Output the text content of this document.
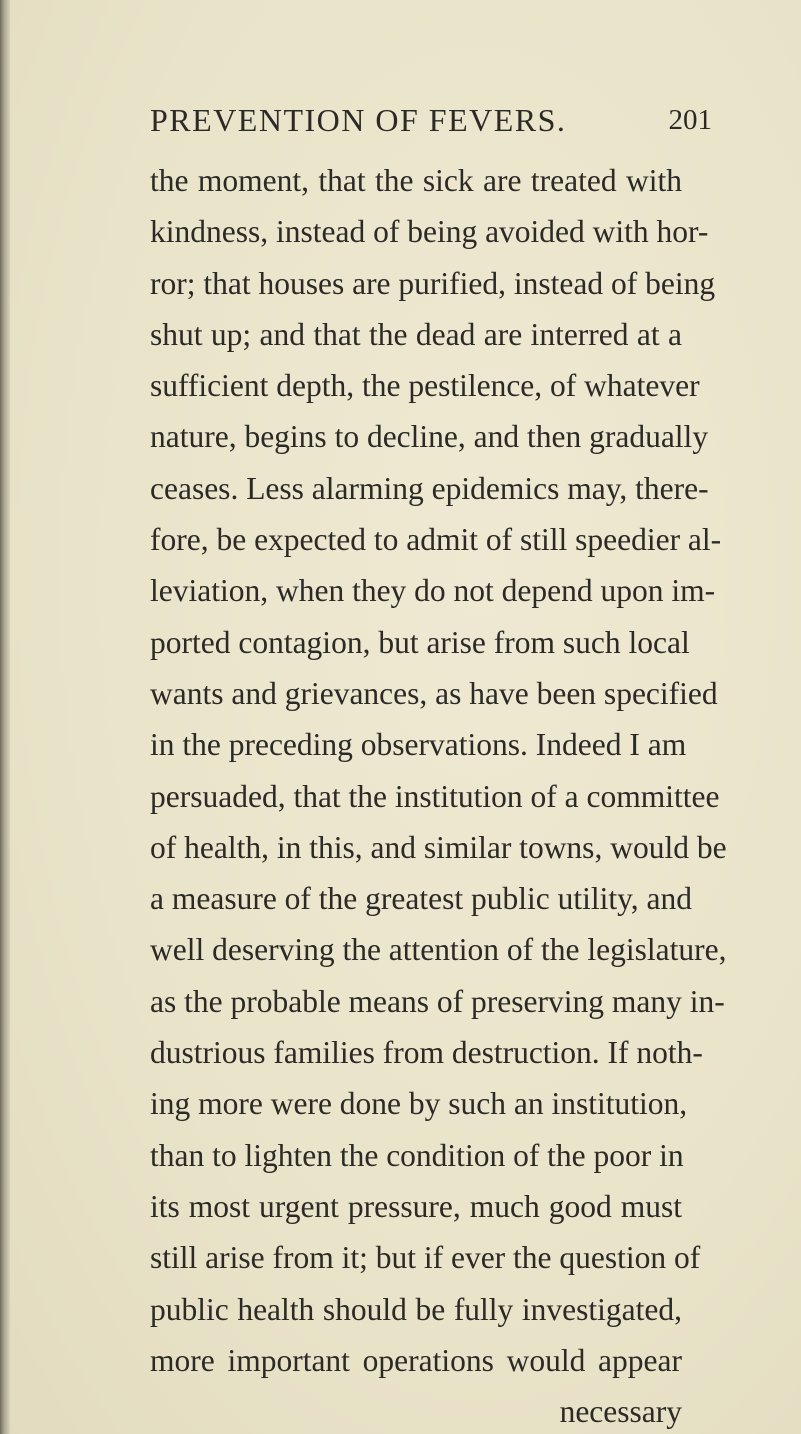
PREVENTION OF FEVERS.	201
the moment, that the sick are treated with
kindness, instead of being avoided with hor-
ror; that houses are purified, instead of being
shut up; and that the dead are interred at a
sufficient depth, the pestilence, of whatever
nature, begins to decline, and then gradually
ceases. Less alarming epidemics may, there-
fore, be expected to admit of still speedier al-
leviation, when they do not depend upon im-
ported contagion, but arise from such local
wants and grievances, as have been specified
in the preceding observations. Indeed I am
persuaded, that the institution of a committee
of health, in this, and similar towns, would be
a measure of the greatest public utility, and
well deserving the attention of the legislature,
as the probable means of preserving many in-
dustrious families from destruction. If noth-
ing more were done by such an institution,
than to lighten the condition of the poor in
its most urgent pressure, much good must
still arise from it; but if ever the question of
public health should be fully investigated,
more important operations would appear
necessary
